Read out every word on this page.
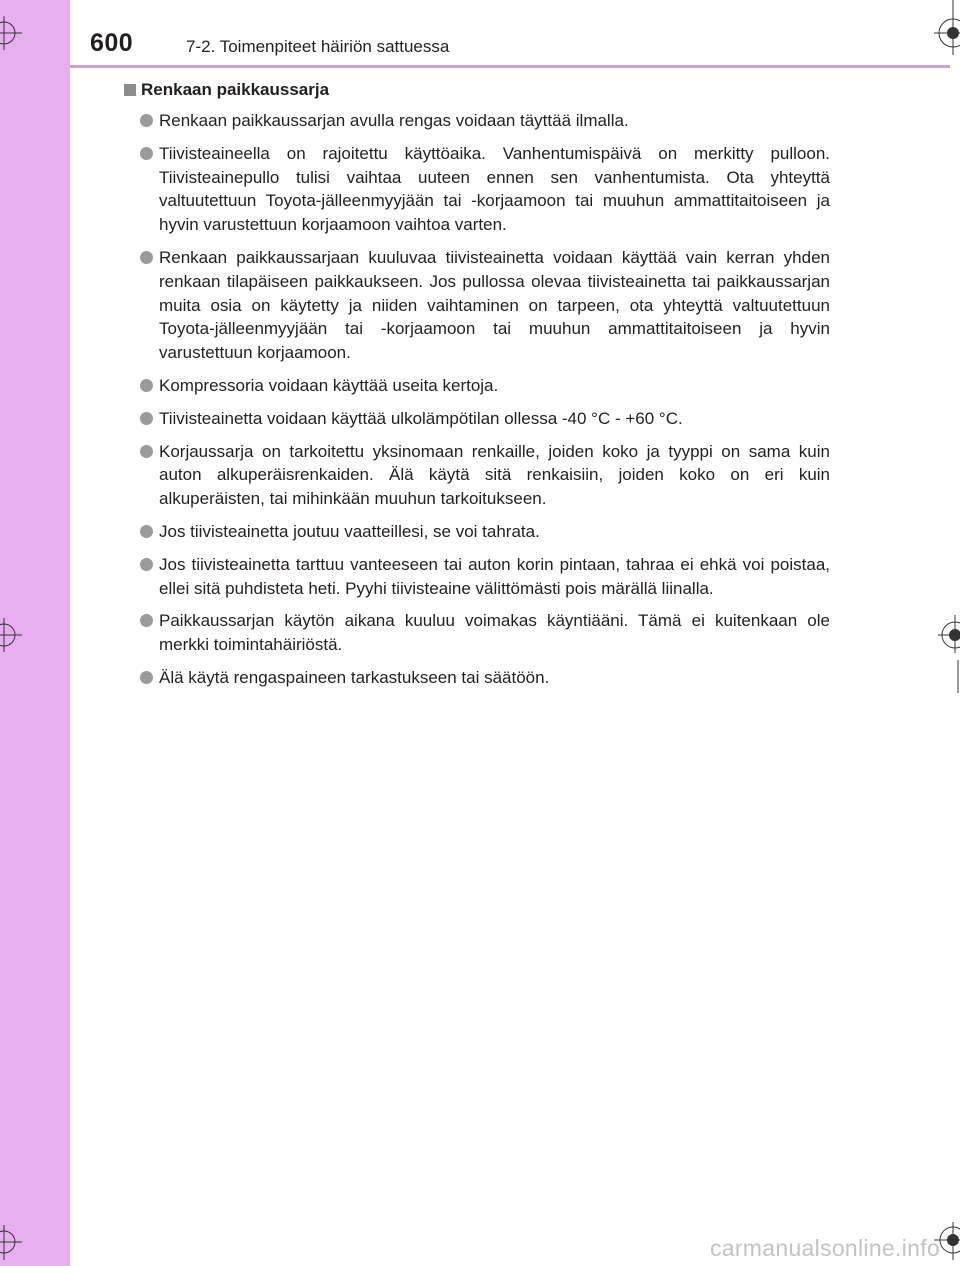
600	7-2. Toimenpiteet häiriön sattuessa
Renkaan paikkaussarja
Renkaan paikkaussarjan avulla rengas voidaan täyttää ilmalla.
Tiivisteaineella on rajoitettu käyttöaika. Vanhentumispäivä on merkitty pulloon. Tiivisteainepullo tulisi vaihtaa uuteen ennen sen vanhentumista. Ota yhteyttä valtuutettuun Toyota-jälleenmyyjään tai -korjaamoon tai muuhun ammattitaitoiseen ja hyvin varustettuun korjaamoon vaihtoa varten.
Renkaan paikkaussarjaan kuuluvaa tiivisteainetta voidaan käyttää vain kerran yhden renkaan tilapäiseen paikkaukseen. Jos pullossa olevaa tiivisteainetta tai paikkaussarjan muita osia on käytetty ja niiden vaihtaminen on tarpeen, ota yhteyttä valtuutettuun Toyota-jälleenmyyjään tai -korjaamoon tai muuhun ammattitaitoiseen ja hyvin varustettuun korjaamoon.
Kompressoria voidaan käyttää useita kertoja.
Tiivisteainetta voidaan käyttää ulkolämpötilan ollessa -40 °C - +60 °C.
Korjaussarja on tarkoitettu yksinomaan renkaille, joiden koko ja tyyppi on sama kuin auton alkuperäisrenkaiden. Älä käytä sitä renkaisiin, joiden koko on eri kuin alkuperäisten, tai mihinkään muuhun tarkoitukseen.
Jos tiivisteainetta joutuu vaatteillesi, se voi tahrata.
Jos tiivisteainetta tarttuu vanteeseen tai auton korin pintaan, tahraa ei ehkä voi poistaa, ellei sitä puhdisteta heti. Pyyhi tiivisteaine välittömästi pois märällä liinalla.
Paikkaussarjan käytön aikana kuuluu voimakas käyntiääni. Tämä ei kuitenkaan ole merkki toimintahäiriöstä.
Älä käytä rengaspaineen tarkastukseen tai säätöön.
carmanualsonline.info
